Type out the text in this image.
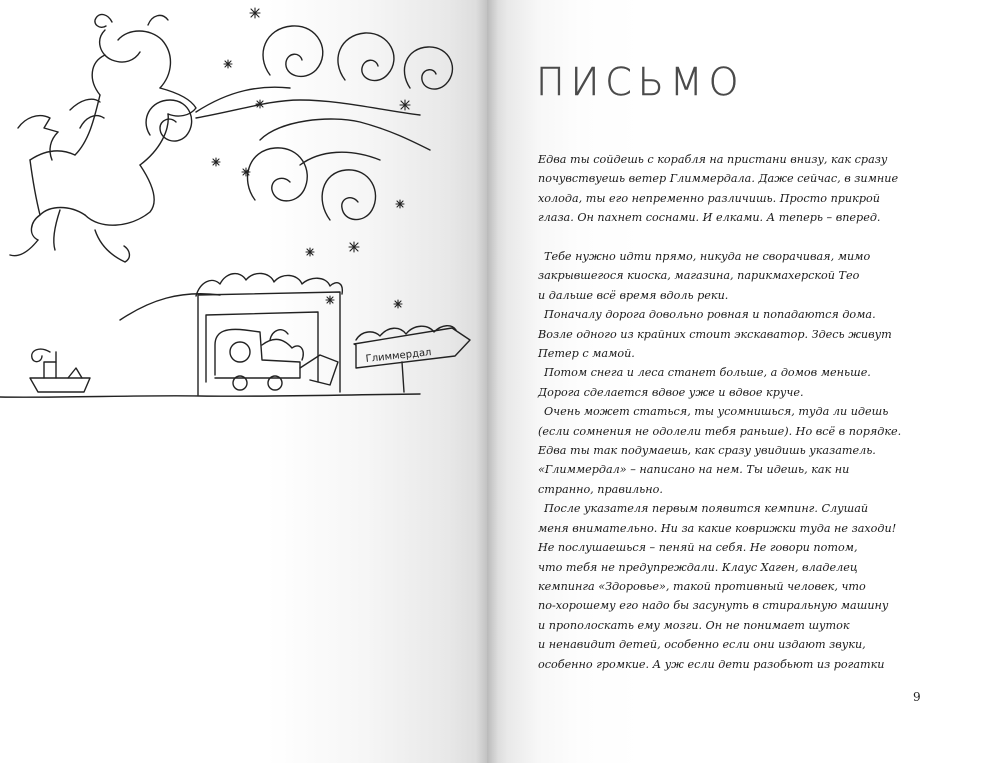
Глиммердал
ПИСЬМО
Едва ты сойдешь с корабля на пристани внизу, как сразу
почувствуешь ветер Глиммердала. Даже сейчас, в зимние
холода, ты его непременно различишь. Просто прикрой
глаза. Он пахнет соснами. И елками. А теперь – вперед.
Тебе нужно идти прямо, никуда не сворачивая, мимо
закрывшегося киоска, магазина, парикмахерской Тео
и дальше всё время вдоль реки.
Поначалу дорога довольно ровная и попадаются дома.
Возле одного из крайних стоит экскаватор. Здесь живут
Петер с мамой.
Потом снега и леса станет больше, а домов меньше.
Дорога сделается вдвое уже и вдвое круче.
Очень может статься, ты усомнишься, туда ли идешь
(если сомнения не одолели тебя раньше). Но всё в порядке.
Едва ты так подумаешь, как сразу увидишь указатель.
«Глиммердал» – написано на нем. Ты идешь, как ни
странно, правильно.
После указателя первым появится кемпинг. Слушай
меня внимательно. Ни за какие коврижки туда не заходи!
Не послушаешься – пеняй на себя. Не говори потом,
что тебя не предупреждали. Клаус Хаген, владелец
кемпинга «Здоровье», такой противный человек, что
по-хорошему его надо бы засунуть в стиральную машину
и прополоскать ему мозги. Он не понимает шуток
и ненавидит детей, особенно если они издают звуки,
особенно громкие. А уж если дети разобьют из рогатки
9
